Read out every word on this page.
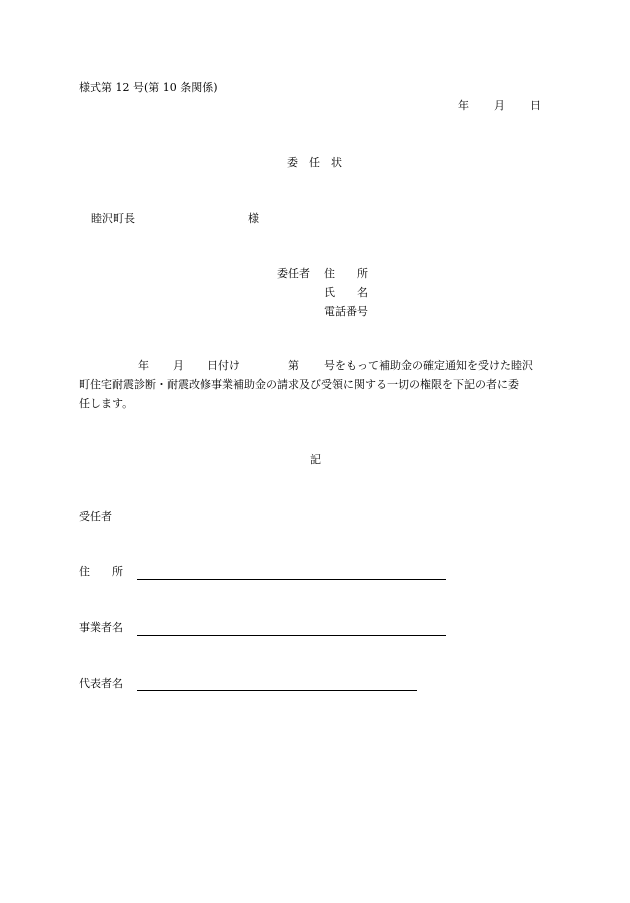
様式第 12 号(第 10 条関係)
年 月 日
委　任　状
睦沢町長	様
委任者 住　　所
氏　　名
電話番号
年 月 日付け	第 号をもって補助金の確定通知を受けた睦沢
町住宅耐震診断・耐震改修事業補助金の請求及び受領に関する一切の権限を下記の者に委
任します。
記
受任者
住　　所
事業者名
代表者名
